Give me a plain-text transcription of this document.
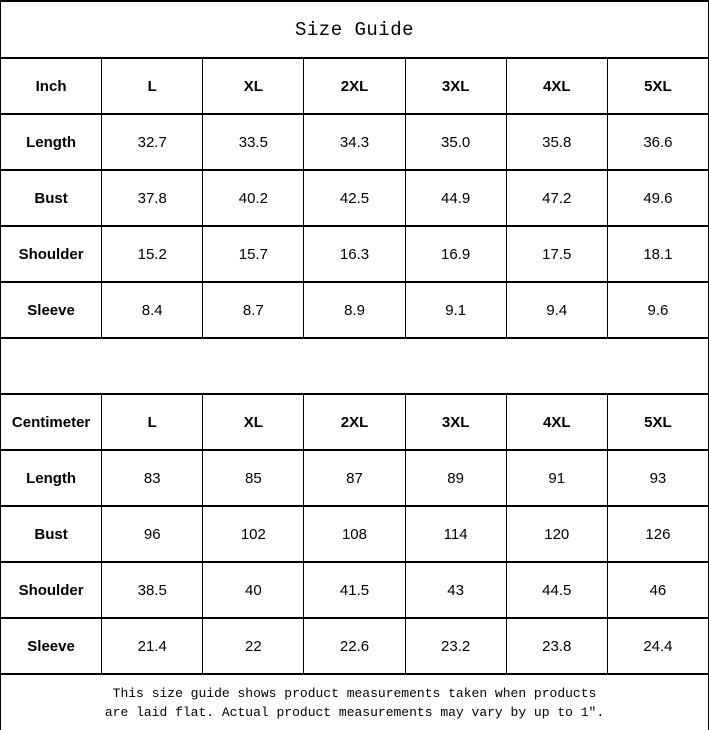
Size Guide						
Inch	L	XL	2XL	3XL	4XL	5XL
Length	32.7	33.5	34.3	35.0	35.8	36.6
Bust	37.8	40.2	42.5	44.9	47.2	49.6
Shoulder	15.2	15.7	16.3	16.9	17.5	18.1
Sleeve	8.4	8.7	8.9	9.1	9.4	9.6

Centimeter	L	XL	2XL	3XL	4XL	5XL
Length	83	85	87	89	91	93
Bust	96	102	108	114	120	126
Shoulder	38.5	40	41.5	43	44.5	46
Sleeve	21.4	22	22.6	23.2	23.8	24.4
This size guide shows product measurements taken when products
are laid flat. Actual product measurements may vary by up to 1″.						
